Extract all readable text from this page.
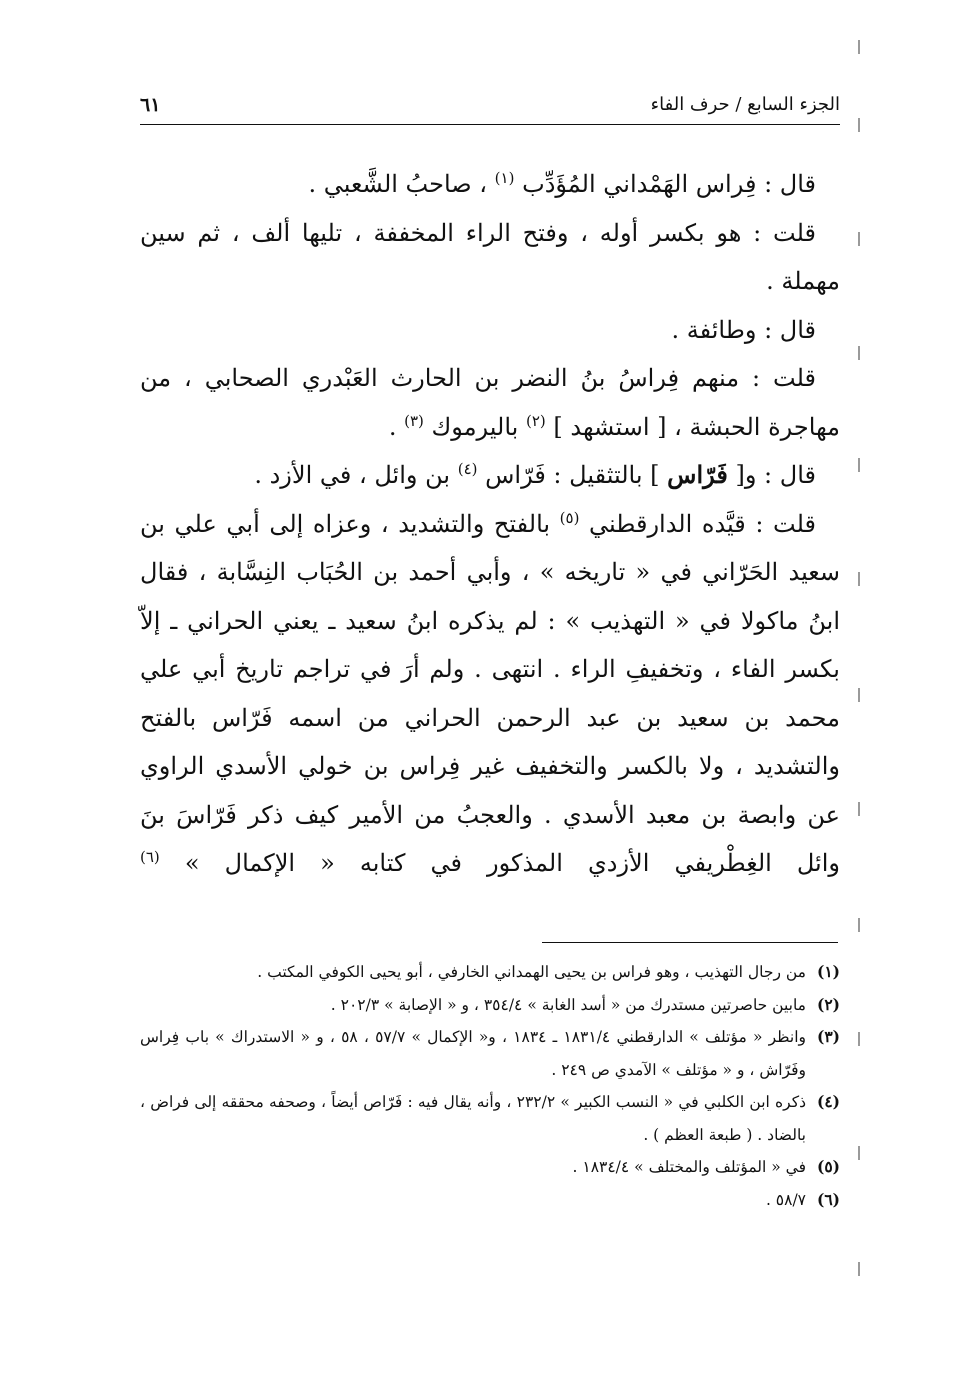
الجزء السابع / حرف الفاء
٦١

قال : فِراس الهَمْداني المُؤَدِّب $^{(١)}$ ، صاحبُ الشَّعبي .

قلت : هو بكسر أوله ، وفتح الراء المخففة ، تليها ألف ، ثم سين مهملة .

قال : وطائفة .

قلت : منهم فِراسُ بنُ النضر بن الحارث العَبْدري الصحابي ، من مهاجرة الحبشة ، [ استشهد ] $^{(٢)}$ باليرموك $^{(٣)}$ .

قال : و[ فَرّاس ] بالتثقيل : فَرّاس $^{(٤)}$ بن وائل ، في الأزد .

قلت : قيَّده الدارقطني $^{(٥)}$ بالفتح والتشديد ، وعزاه إلى أبي علي بن سعيد الحَرّاني في « تاريخه » ، وأبي أحمد بن الحُبَاب النِسَّابة ، فقال ابنُ ماكولا في « التهذيب » : لم يذكره ابنُ سعيد ـ يعني الحراني ـ إلاّ بكسر الفاء ، وتخفيفِ الراء . انتهى . ولم أرَ في تراجم تاريخ أبي علي محمد بن سعيد بن عبد الرحمن الحراني من اسمه فَرّاس بالفتح والتشديد ، ولا بالكسر والتخفيف غير فِراس بن خولي الأسدي الراوي عن وابصة بن معبد الأسدي . والعجبُ من الأمير كيف ذكر فَرّاسَ بنَ وائل الغِطْريفي الأزدي المذكور في كتابه « الإكمال » $^{(٦)}$

(١)
من رجال التهذيب ، وهو فراس بن يحيى الهمداني الخارفي ، أبو يحيى الكوفي المكتب .
(٢)
مابين حاصرتين مستدرك من « أسد الغابة » ٣٥٤/٤ ، و « الإصابة » ٢٠٢/٣ .
(٣)
وانظر « مؤتلف » الدارقطني ١٨٣١/٤ ـ ١٨٣٤ ، و« الإكمال » ٥٧/٧ ، ٥٨ ، و « الاستدراك » باب فِراس وفَرّاش ، و « مؤتلف » الآمدي ص ٢٤٩ .
(٤)
ذكره ابن الكلبي في « النسب الكبير » ٢٣٢/٢ ، وأنه يقال فيه : فَرّاص أيضاً ، وصحفه محققه إلى فراض ، بالضاد . ( طبعة العظم ) .
(٥)
في « المؤتلف والمختلف » ١٨٣٤/٤ .
(٦)
٥٨/٧ .
